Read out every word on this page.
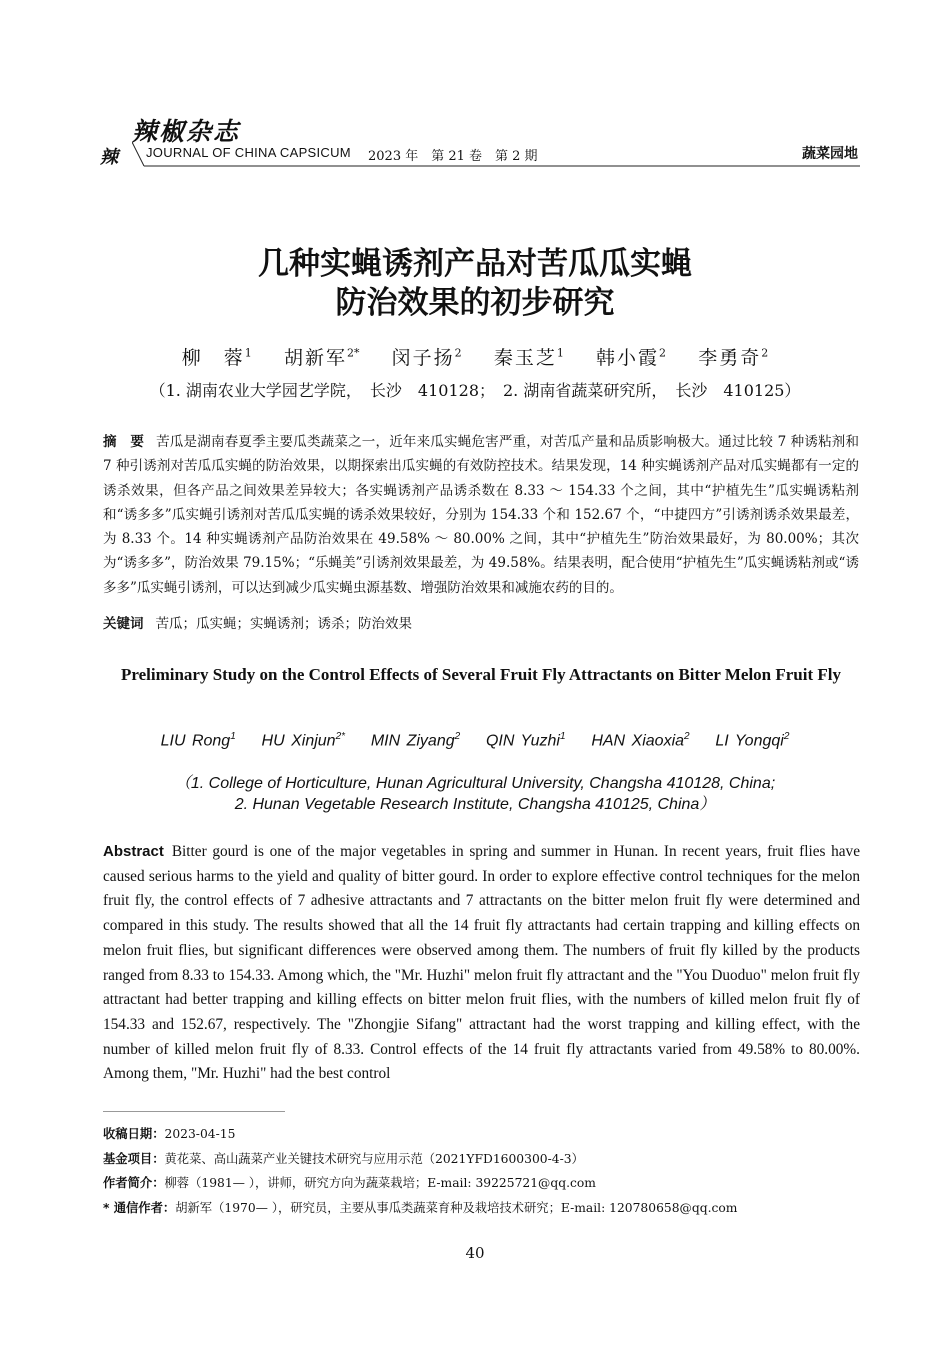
辣椒杂志
辣 JOURNAL OF CHINA CAPSICUM 2023 年　第 21 卷　第 2 期	蔬菜园地
几种实蝇诱剂产品对苦瓜瓜实蝇
防治效果的初步研究
柳　蓉$^1$ 胡新军$^{2*}$ 闵子扬$^2$ 秦玉芝$^1$ 韩小霞$^2$ 李勇奇$^2$
（1. 湖南农业大学园艺学院，　长沙　410128；　2. 湖南省蔬菜研究所，　长沙　410125）
摘　要 苦瓜是湖南春夏季主要瓜类蔬菜之一，近年来瓜实蝇危害严重，对苦瓜产量和品质影响极大。通过比较 7 种诱粘剂和 7 种引诱剂对苦瓜瓜实蝇的防治效果，以期探索出瓜实蝇的有效防控技术。结果发现，14 种实蝇诱剂产品对瓜实蝇都有一定的诱杀效果，但各产品之间效果差异较大；各实蝇诱剂产品诱杀数在 8.33 ～ 154.33 个之间，其中“护植先生”瓜实蝇诱粘剂和“诱多多”瓜实蝇引诱剂对苦瓜瓜实蝇的诱杀效果较好，分别为 154.33 个和 152.67 个，“中捷四方”引诱剂诱杀效果最差，为 8.33 个。14 种实蝇诱剂产品防治效果在 49.58% ～ 80.00% 之间，其中“护植先生”防治效果最好，为 80.00%；其次为“诱多多”，防治效果 79.15%；“乐蝇美”引诱剂效果最差，为 49.58%。结果表明，配合使用“护植先生”瓜实蝇诱粘剂或“诱多多”瓜实蝇引诱剂，可以达到减少瓜实蝇虫源基数、增强防治效果和减施农药的目的。
关键词 苦瓜；瓜实蝇；实蝇诱剂；诱杀；防治效果
Preliminary Study on the Control Effects of Several Fruit Fly Attractants on Bitter Melon Fruit Fly
LIU Rong$^1$ HU Xinjun$^{2*}$ MIN Ziyang$^2$ QIN Yuzhi$^1$ HAN Xiaoxia$^2$ LI Yongqi$^2$
（1. College of Horticulture, Hunan Agricultural University, Changsha 410128, China;
2. Hunan Vegetable Research Institute, Changsha 410125, China）
Abstract Bitter gourd is one of the major vegetables in spring and summer in Hunan. In recent years, fruit flies have caused serious harms to the yield and quality of bitter gourd. In order to explore effective control techniques for the melon fruit fly, the control effects of 7 adhesive attractants and 7 attractants on the bitter melon fruit fly were determined and compared in this study. The results showed that all the 14 fruit fly attractants had certain trapping and killing effects on melon fruit flies, but significant differences were observed among them. The numbers of fruit fly killed by the products ranged from 8.33 to 154.33. Among which, the "Mr. Huzhi" melon fruit fly attractant and the "You Duoduo" melon fruit fly attractant had better trapping and killing effects on bitter melon fruit flies, with the numbers of killed melon fruit fly of 154.33 and 152.67, respectively. The "Zhongjie Sifang" attractant had the worst trapping and killing effect, with the number of killed melon fruit fly of 8.33. Control effects of the 14 fruit fly attractants varied from 49.58% to 80.00%. Among them, "Mr. Huzhi" had the best control
收稿日期：2023-04-15
基金项目：黄花菜、高山蔬菜产业关键技术研究与应用示范（2021YFD1600300-4-3）
作者简介：柳蓉（1981— ），讲师，研究方向为蔬菜栽培；E-mail: 39225721@qq.com
* 通信作者：胡新军（1970— ），研究员，主要从事瓜类蔬菜育种及栽培技术研究；E-mail: 120780658@qq.com
40
